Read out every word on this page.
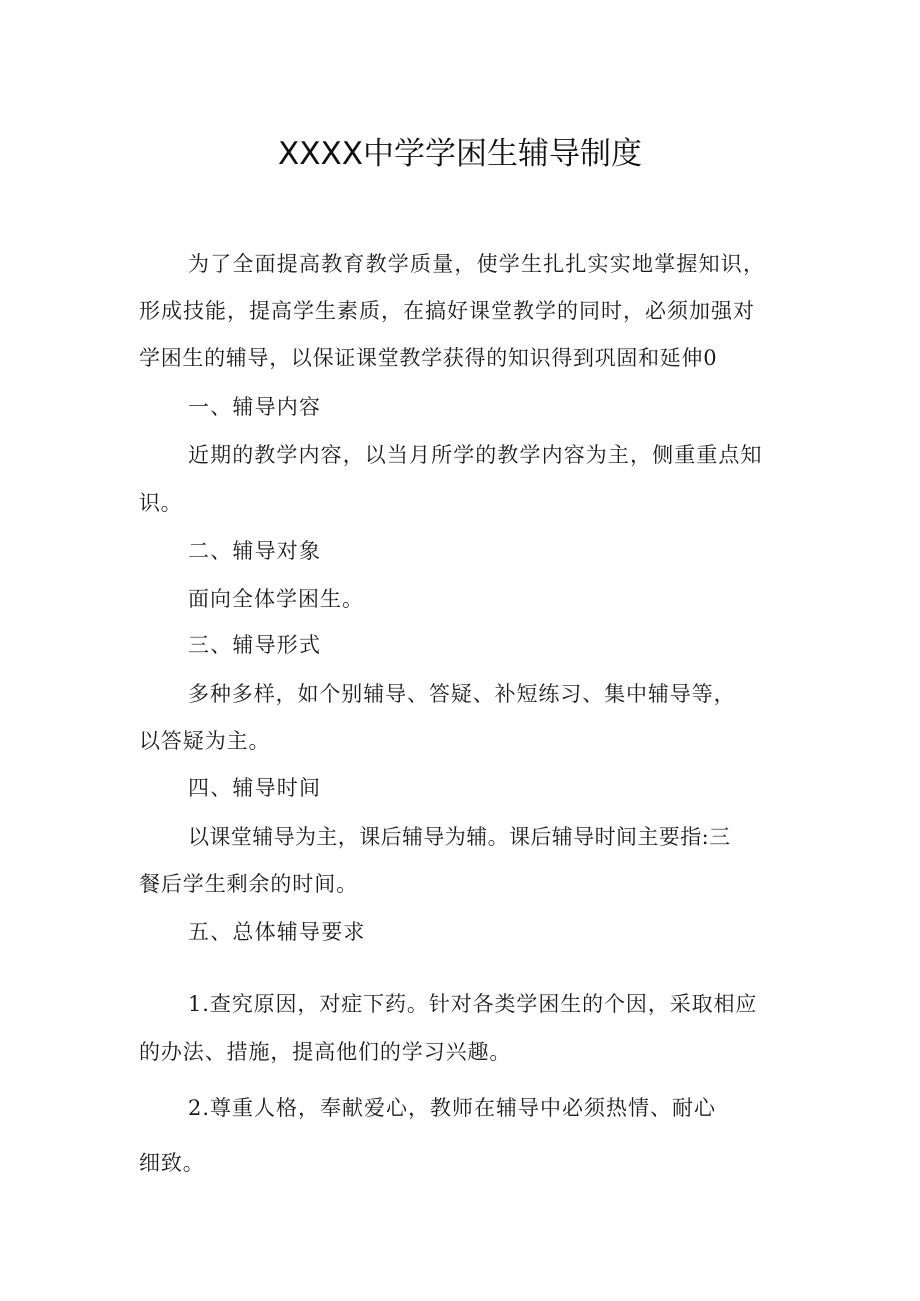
XXXX中学学困生辅导制度
为了全面提高教育教学质量，使学生扎扎实实地掌握知识，
形成技能，提高学生素质，在搞好课堂教学的同时，必须加强对
学困生的辅导，以保证课堂教学获得的知识得到巩固和延伸0
一、辅导内容
近期的教学内容，以当月所学的教学内容为主，侧重重点知
识。
二、辅导对象
面向全体学困生。
三、辅导形式
多种多样，如个别辅导、答疑、补短练习、集中辅导等，
以答疑为主。
四、辅导时间
以课堂辅导为主，课后辅导为辅。课后辅导时间主要指:三
餐后学生剩余的时间。
五、总体辅导要求
1.查究原因，对症下药。针对各类学困生的个因，采取相应
的办法、措施，提高他们的学习兴趣。
2.尊重人格，奉献爱心，教师在辅导中必须热情、耐心
细致。
